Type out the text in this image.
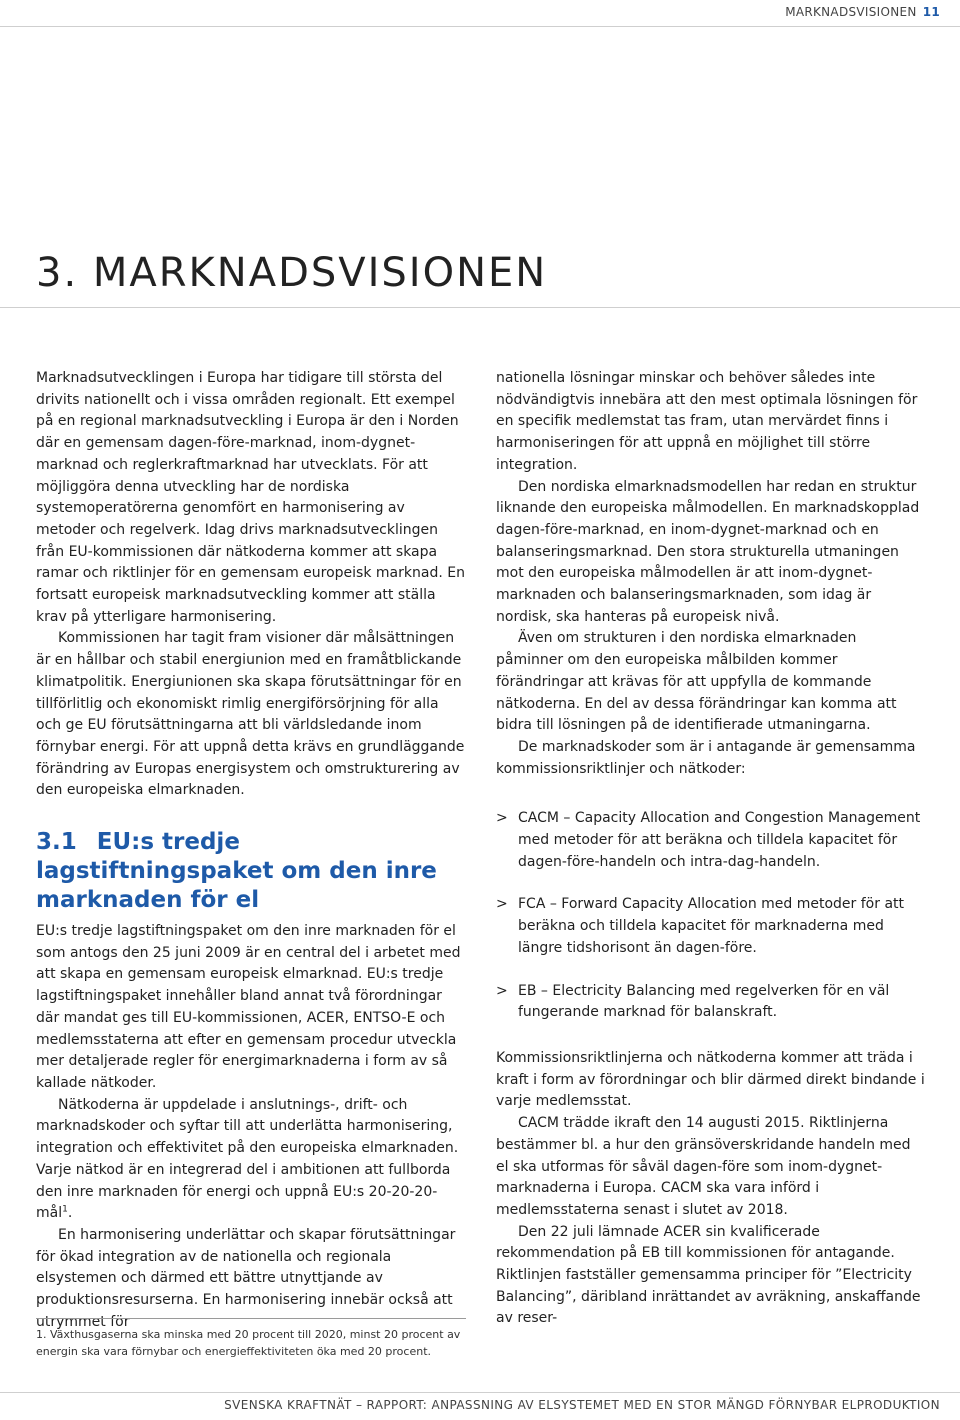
MARKNADSVISIONEN 11
3. MARKNADSVISIONEN

Marknadsutvecklingen i Europa har tidigare till största del drivits nationellt och i vissa områden regionalt. Ett exempel på en regional marknadsutveckling i Europa är den i Norden där en gemensam dagen-före-marknad, inom-dygnet-marknad och reglerkraftmarknad har utvecklats. För att möjliggöra denna utveckling har de nordiska systemoperatörerna genomfört en harmonisering av metoder och regelverk. Idag drivs marknadsutvecklingen från EU-kommissionen där nätkoderna kommer att skapa ramar och riktlinjer för en gemensam europeisk marknad. En fortsatt europeisk marknadsutveckling kommer att ställa krav på ytterligare harmonisering.

Kommissionen har tagit fram visioner där målsättningen är en hållbar och stabil energiunion med en framåtblickande klimatpolitik. Energiunionen ska skapa förutsättningar för en tillförlitlig och ekonomiskt rimlig energiförsörjning för alla och ge EU förutsättningarna att bli världsledande inom förnybar energi. För att uppnå detta krävs en grundläggande förändring av Europas energisystem och omstrukturering av den europeiska elmarknaden.

3.1 EU:s tredje lagstiftningspaket om den inre marknaden för el

EU:s tredje lagstiftningspaket om den inre marknaden för el som antogs den 25 juni 2009 är en central del i arbetet med att skapa en gemensam europeisk elmarknad. EU:s tredje lagstiftningspaket innehåller bland annat två förordningar där mandat ges till EU-kommissionen, ACER, ENTSO-E och medlemsstaterna att efter en gemensam procedur utveckla mer detaljerade regler för energimarknaderna i form av så kallade nätkoder.

Nätkoderna är uppdelade i anslutnings-, drift- och marknadskoder och syftar till att underlätta harmonisering, integration och effektivitet på den europeiska elmarknaden. Varje nätkod är en integrerad del i ambitionen att fullborda den inre marknaden för energi och uppnå EU:s 20-20-20-mål$^1$.

En harmonisering underlättar och skapar förutsättningar för ökad integration av de nationella och regionala elsystemen och därmed ett bättre utnyttjande av produktionsresurserna. En harmonisering innebär också att utrymmet för

nationella lösningar minskar och behöver således inte nödvändigtvis innebära att den mest optimala lösningen för en specifik medlemstat tas fram, utan mervärdet finns i harmoniseringen för att uppnå en möjlighet till större integration.

Den nordiska elmarknadsmodellen har redan en struktur liknande den europeiska målmodellen. En marknadskopplad dagen-före-marknad, en inom-dygnet-marknad och en balanseringsmarknad. Den stora strukturella utmaningen mot den europeiska målmodellen är att inom-dygnet-marknaden och balanseringsmarknaden, som idag är nordisk, ska hanteras på europeisk nivå.

Även om strukturen i den nordiska elmarknaden påminner om den europeiska målbilden kommer förändringar att krävas för att uppfylla de kommande nätkoderna. En del av dessa förändringar kan komma att bidra till lösningen på de identifierade utmaningarna.

De marknadskoder som är i antagande är gemensamma kommissionsriktlinjer och nätkoder:

> CACM – Capacity Allocation and Congestion Management med metoder för att beräkna och tilldela kapacitet för dagen-före-handeln och intra-dag-handeln.
> FCA – Forward Capacity Allocation med metoder för att beräkna och tilldela kapacitet för marknaderna med längre tidshorisont än dagen-före.
> EB – Electricity Balancing med regelverken för en väl fungerande marknad för balanskraft.

Kommissionsriktlinjerna och nätkoderna kommer att träda i kraft i form av förordningar och blir därmed direkt bindande i varje medlemsstat.

CACM trädde ikraft den 14 augusti 2015. Riktlinjerna bestämmer bl. a hur den gränsöverskridande handeln med el ska utformas för såväl dagen-före som inom-dygnet-marknaderna i Europa. CACM ska vara införd i medlemsstaterna senast i slutet av 2018.

Den 22 juli lämnade ACER sin kvalificerade rekommendation på EB till kommissionen för antagande. Riktlinjen fastställer gemensamma principer för ”Electricity Balancing”, däribland inrättandet av avräkning, anskaffande av reser-

1. Växthusgaserna ska minska med 20 procent till 2020, minst 20 procent av energin ska vara förnybar och energieffektiviteten öka med 20 procent.
SVENSKA KRAFTNÄT – RAPPORT: ANPASSNING AV ELSYSTEMET MED EN STOR MÄNGD FÖRNYBAR ELPRODUKTION
